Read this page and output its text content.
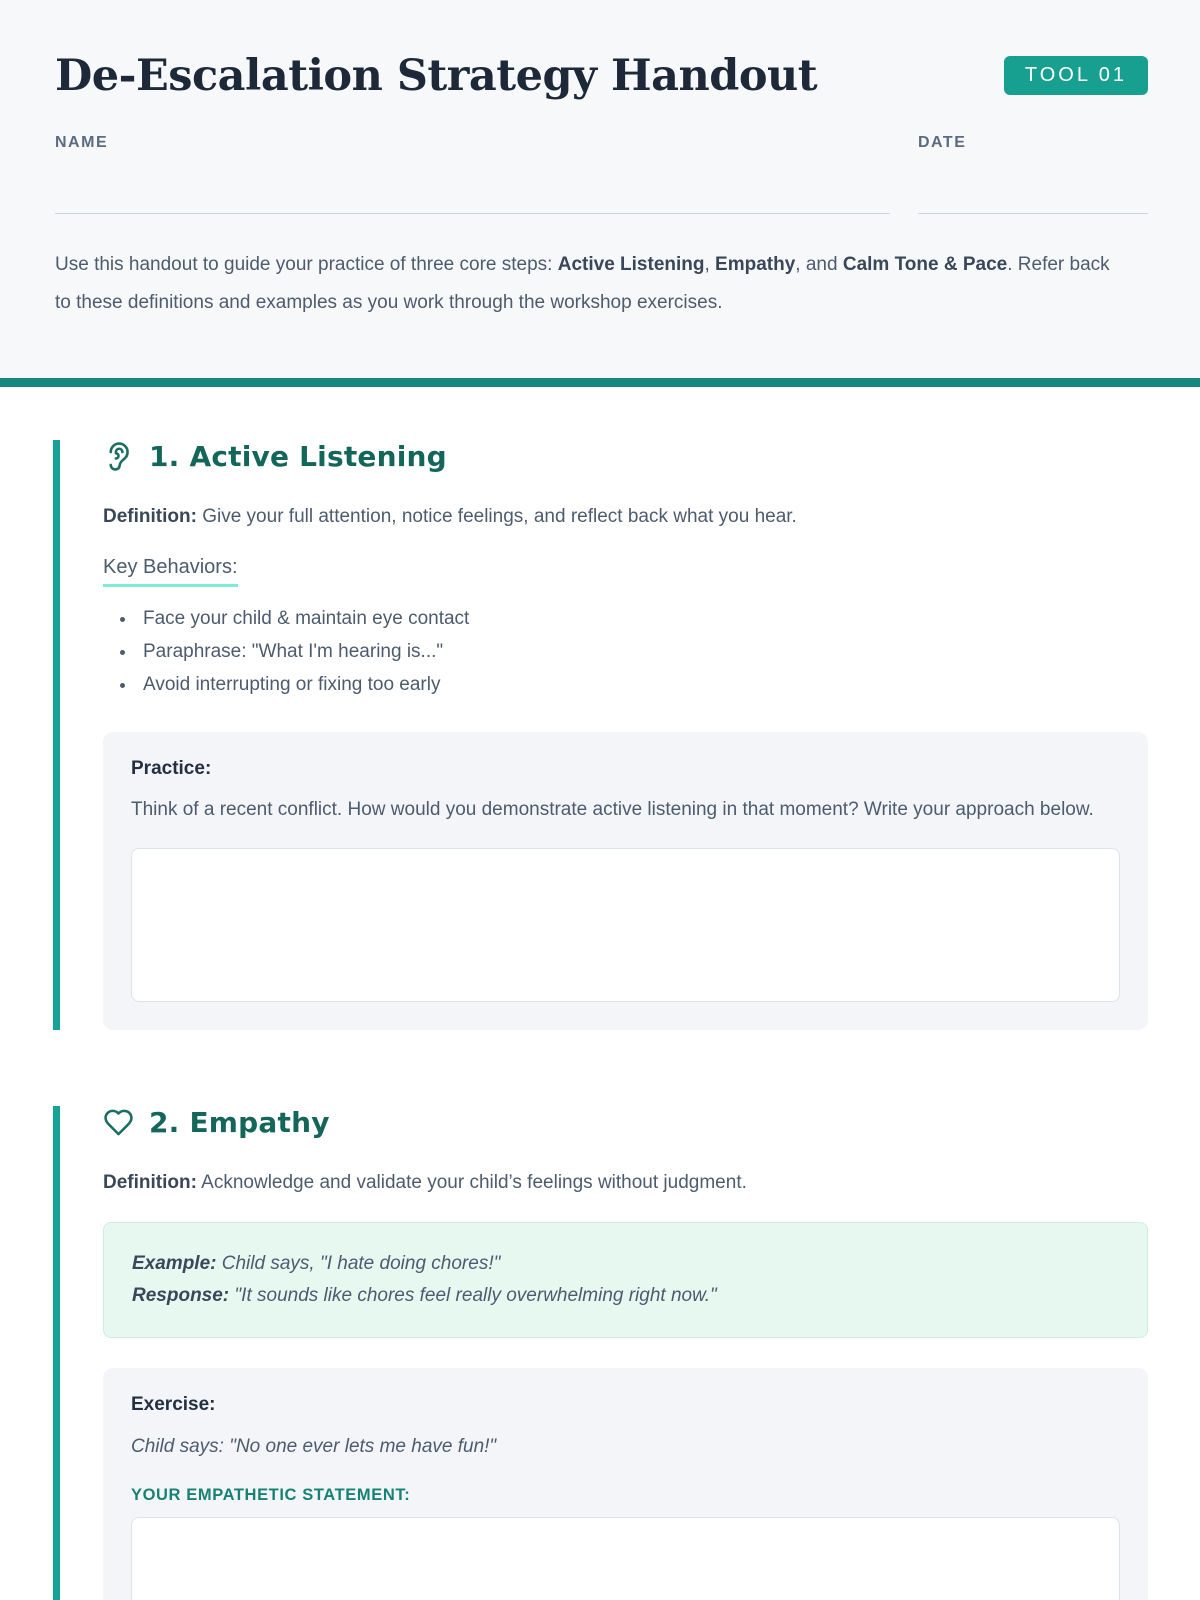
De-Escalation Strategy Handout	TOOL 01
NAME	DATE

Use this handout to guide your practice of three core steps: Active Listening, Empathy, and Calm Tone & Pace. Refer back to these definitions and examples as you work through the workshop exercises.

1. Active Listening

Definition: Give your full attention, notice feelings, and reflect back what you hear.

Key Behaviors:
• Face your child & maintain eye contact
• Paraphrase: "What I'm hearing is..."
• Avoid interrupting or fixing too early

Practice:

Think of a recent conflict. How would you demonstrate active listening in that moment? Write your approach below.

2. Empathy

Definition: Acknowledge and validate your child’s feelings without judgment.

Example: Child says, "I hate doing chores!"

Response: "It sounds like chores feel really overwhelming right now."

Exercise:

Child says: "No one ever lets me have fun!"

YOUR EMPATHETIC STATEMENT:
